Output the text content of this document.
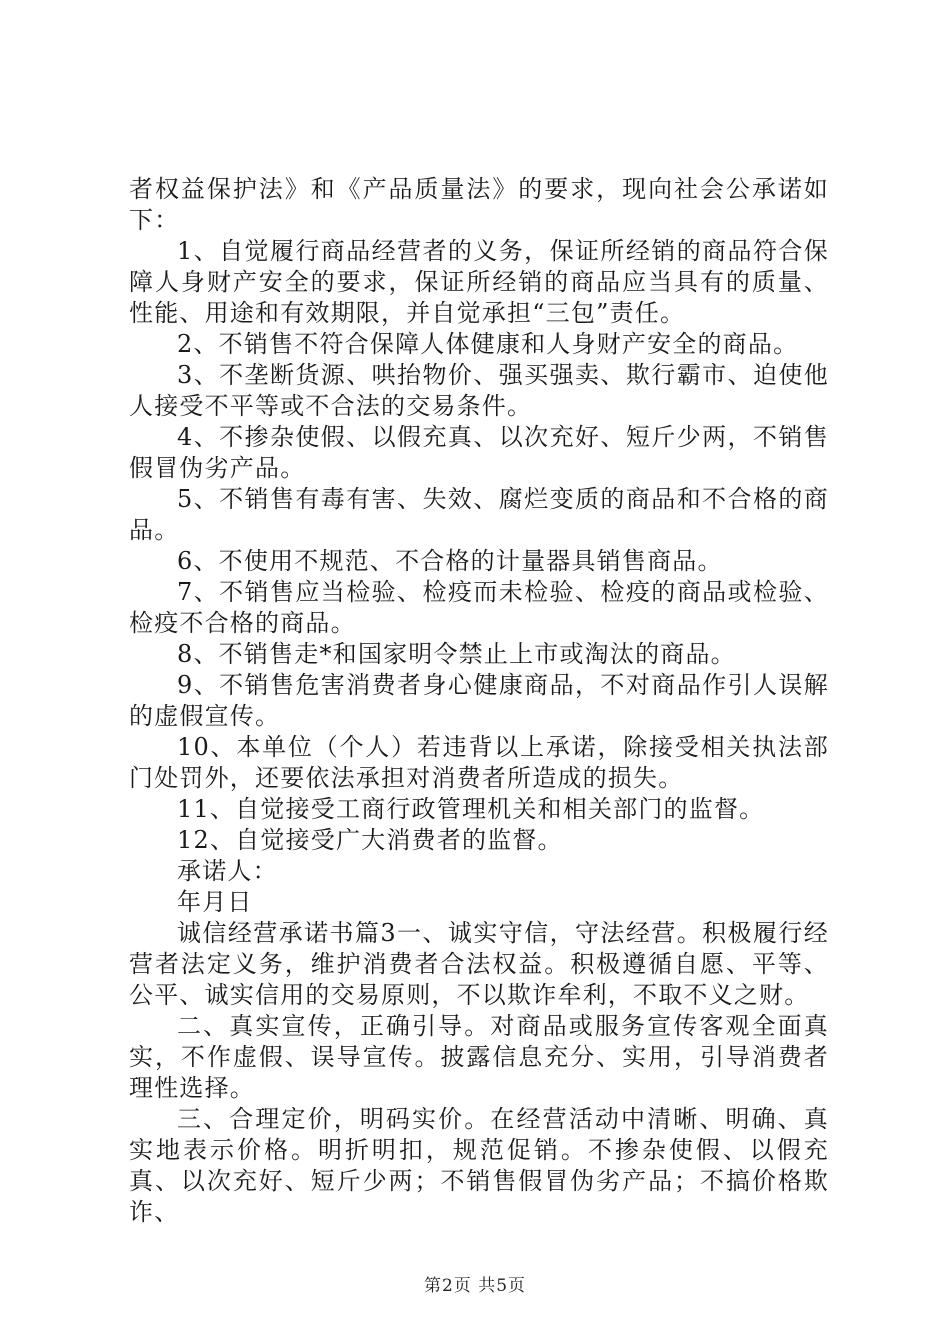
者权益保护法》和《产品质量法》的要求，现向社会公承诺如下：

1、自觉履行商品经营者的义务，保证所经销的商品符合保障人身财产安全的要求，保证所经销的商品应当具有的质量、性能、用途和有效期限，并自觉承担“三包”责任。

2、不销售不符合保障人体健康和人身财产安全的商品。

3、不垄断货源、哄抬物价、强买强卖、欺行霸市、迫使他人接受不平等或不合法的交易条件。

4、不掺杂使假、以假充真、以次充好、短斤少两，不销售假冒伪劣产品。

5、不销售有毒有害、失效、腐烂变质的商品和不合格的商品。

6、不使用不规范、不合格的计量器具销售商品。

7、不销售应当检验、检疫而未检验、检疫的商品或检验、检疫不合格的商品。

8、不销售走*和国家明令禁止上市或淘汰的商品。

9、不销售危害消费者身心健康商品，不对商品作引人误解的虚假宣传。

10、本单位（个人）若违背以上承诺，除接受相关执法部门处罚外，还要依法承担对消费者所造成的损失。

11、自觉接受工商行政管理机关和相关部门的监督。

12、自觉接受广大消费者的监督。

承诺人：

年月日

诚信经营承诺书篇3一、诚实守信，守法经营。积极履行经营者法定义务，维护消费者合法权益。积极遵循自愿、平等、公平、诚实信用的交易原则，不以欺诈牟利，不取不义之财。

二、真实宣传，正确引导。对商品或服务宣传客观全面真实，不作虚假、误导宣传。披露信息充分、实用，引导消费者理性选择。

三、合理定价，明码实价。在经营活动中清晰、明确、真实地表示价格。明折明扣，规范促销。不掺杂使假、以假充真、以次充好、短斤少两；不销售假冒伪劣产品；不搞价格欺诈、

第2页 共5页
